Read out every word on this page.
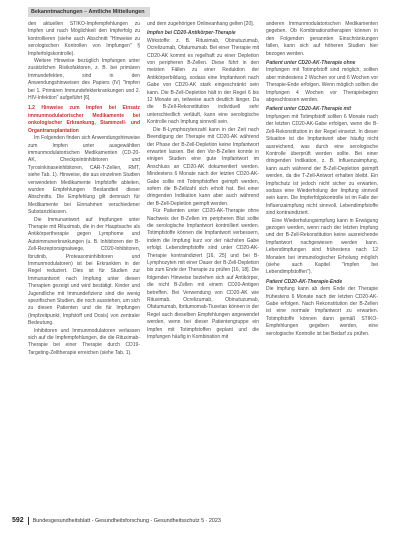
Bekanntmachungen – Amtliche Mitteilungen

den aktuellen STIKO-Impfempfehlungen zu Impfen und nach Möglichkeit den Impferfolg zu kontrollieren (siehe auch Abschnitt "Hinweise zu serologischen Kontrollen von Impfungen" § Impferfolgskontrolle).

Weitere Hinweise bezüglich Impfungen unter zusätzlichen Risikofaktoren, z. B. bei primären Immundefekten, sind in den Anwendungshinweisen des Papiers (IV) "Impfen bei 1. Primären Immundefekterkrankungen und 2. HIV-Infektion" aufgeführt [6].

1.2 Hinweise zum Impfen bei Einsatz immunmodulatorischer Medikamente bei onkologischer Erkrankung, Stammzell- und Organtransplantation

Im Folgenden finden sich Anwendungshinweise zum Impfen unter ausgewählten immunmodulatorischen Medikamenten (CD-20-AK, Checkpointinhibitoren und Tyrosinkinaseinhibitoren, CAR-T-Zellen, RMT, siehe Tab. 1). Hinweise, die aus einzelnen Studien verwendeten Medikamente Impfstoffe ableiten, wurden Empfehlungen Bestandteil dieser Abschnitts. Die Empfehlung gilt demnach für Medikamente bei Einnahmen verschiedener Substanzklassen.

Die Immunantwort auf Impfungen unter Therapie mit Rituximab, die in der Hauptsache als Antikörpertherapie gegen Lymphome und Autoimmunerkrankungen (u. B. Inhibitoren der B-Zell-Rezeptorsignalwege, CD20-Inhibitoren, Ibrutinib, Proteasominhibitoren und Immunmodulatoren) ist bei Erkrankten in der Regel reduziert. Dies ist für Studien zur Immunantwort nach Impfung unter diesen Therapien gezeigt und wird bestätigt. Kinder und Jugendliche mit Immundefizienz sind die wenig spezifischen Studien, die noch ausstehen, um sich zu diesen Patienten und die für Impfungen (Impfzeitpunkt, Impfstoff und Dosis) von zentraler Bedeutung.

Inhibitoren und Immunmodulatoren verlassen sich auf die Impfempfehlungen, die die Rituximab-Therapie bei einer Therapie durch CD19-Targeting-Zelltherapie erreichen (siehe Tab. 1).

und dem zugehörigen Onlineanhang gelten [20].

Impfen bei CD20-Antikörper-Therapie

Wirkstoffe: z. B. Rituximab, Obinutuzumab, Ocrelizumab, Ofatumumab. Bei einer Therapie mit CD20-AK kommt es regelhaft zu einer Depletion von peripheren B-Zellen. Diese führt in den meisten Fällen zu einer Reduktion der Antikörperbildung, sodass eine Impfantwort nach Gabe von CD20-AK stark eingeschränkt sein kann. Die B-Zell-Depletion hält in der Regel 6 bis 12 Monate an, teilweise auch deutlich länger. Da die B-Zell-Rekonstitution individuell sehr unterschiedlich verläuft, kann eine serologische Kontrolle nach Impfung sinnvoll sein.

Die B-Lymphozytenzahl kann in der Zeit nach Beendigung der Therapie mit CD20-AK während der Phase der B-Zell-Depletion keine Impfantwort erwarten lassen. Bei den Vor-B-Zellen konnte in einigen Studien eine gute Impfantwort im Anschluss an CD20-AK dokumentiert werden. Mindestens 6 Monate nach der letzten CD20-AK-Gabe sollte mit Totimpfstoffen geimpft werden, sofern die B-Zellzahl sich erholt hat. Bei einer dringenden Indikation kann aber auch während der B-Zell-Depletion geimpft werden.

Für Patienten unter CD20-AK-Therapie ohne Nachweis der B-Zellen im peripheren Blut sollte die serologische Impfantwort kontrolliert werden. Totimpfstoffe können die Impfantwort verbessern, indem die Impfung kurz vor der nächsten Gabe erfolgt. Lebendimpfstoffe sind unter CD20-AK-Therapie kontraindiziert [16, 25] und bei B-Lymphozyten mit einer Dauer der B-Zell-Depletion bis zum Ende der Therapie zu prüfen [16, 18]. Die folgenden Hinweise beziehen sich auf Antikörper, die nicht B-Zellen mit einem CD20-Antigen betreffen. Bei Verwendung von CD20-AK wie Rituximab, Ocrelizumab, Obinutuzumab, Ofatumumab, Ibritumomab-Tiuxetan können in der Regel auch dieselben Empfehlungen angewendet werden, wenn bei dieser Patientengruppe ein Impfen mit Totimpfstoffen geplant und die Impfungen häufig in Kombination mit

anderen Immunmodulatorischen Medikamenten gegeben. Ob Kombinationstherapien können in den Folgenden genannten Einschränkungen fallen, kann sich auf höheren Studien hier bezogen werden.

Patient unter CD20-AK-Therapie ohne

Impfungen mit Totimpfstoff sind möglich, sollten aber mindestens 2 Wochen vor und 6 Wochen vor Therapie-Ende erfolgen. Wenn möglich sollten die Impfungen 4 Wochen vor Therapiebeginn abgeschlossen werden.

Patient unter CD20-AK-Therapie mit

Impfungen mit Totimpfstoff sollten 6 Monate nach der letzten CD20-AK-Gabe erfolgen, wenn die B-Zell-Rekonstitution in der Regel einsetzt. In dieser Situation ist die Impfantwort aber häufig nicht ausreichend, was durch eine serologische Kontrolle überprüft werden sollte. Bei einer dringenden Indikation, z. B. Influenzaimpfung, kann auch während der B-Zell-Depletion geimpft werden, da die T-Zell-Antwort erhalten bleibt. Ein Impfschutz ist jedoch nicht sicher zu erwarten, sodass eine Wiederholung der Impfung sinnvoll sein kann. Die Impferfolgskontrolle ist im Falle der Influenzaimpfung nicht sinnvoll. Lebendimpfstoffe sind kontraindiziert.

Eine Wiederholungsimpfung kann in Erwägung gezogen werden, wenn nach der letzten Impfung und der B-Zell-Rekonstitution keine ausreichende Impfantwort nachgewiesen werden kann. Lebendimpfungen sind frühestens nach 12 Monaten bei immunologischer Erholung möglich (siehe auch Kapitel "Impfen bei Lebendimpfstoffen").

Patient CD20-AK-Therapie-Ende

Die Impfung kann ab dem Ende der Therapie frühestens 6 Monate nach der letzten CD20-AK-Gabe erfolgen. Nach Rekonstitution der B-Zellen ist eine normale Impfantwort zu erwarten. Totimpfstoffe können dann gemäß STIKO-Empfehlungen gegeben werden, eine serologische Kontrolle ist bei Bedarf zu prüfen.

592 Bundesgesundheitsblatt - Gesundheitsforschung - Gesundheitsschutz 5 · 2023
